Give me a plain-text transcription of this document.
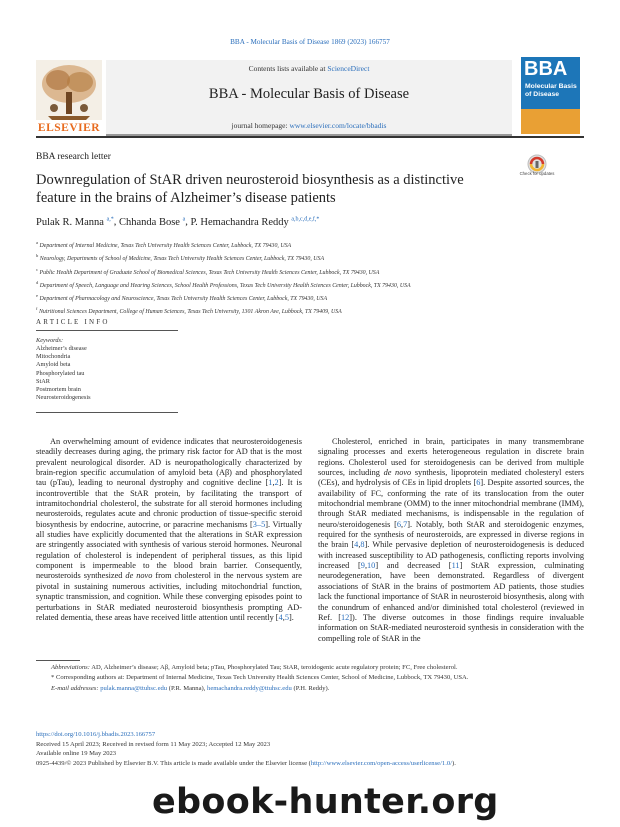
BBA - Molecular Basis of Disease 1869 (2023) 166757
ELSEVIER
Contents lists available at ScienceDirect
BBA - Molecular Basis of Disease
journal homepage: www.elsevier.com/locate/bbadis
BBA
Molecular Basis of Disease
BBA research letter
Downregulation of StAR driven neurosteroid biosynthesis as a distinctive feature in the brains of Alzheimer’s disease patients
Check for updates
Pulak R. Manna $^{a,*}$, Chhanda Bose $^a$, P. Hemachandra Reddy $^{a,b,c,d,e,f,*}$
$^a$ Department of Internal Medicine, Texas Tech University Health Sciences Center, Lubbock, TX 79430, USA
$^b$ Neurology, Departments of School of Medicine, Texas Tech University Health Sciences Center, Lubbock, TX 79430, USA
$^c$ Public Health Department of Graduate School of Biomedical Sciences, Texas Tech University Health Sciences Center, Lubbock, TX 79430, USA
$^d$ Department of Speech, Language and Hearing Sciences, School Health Professions, Texas Tech University Health Sciences Center, Lubbock, TX 79430, USA
$^e$ Department of Pharmacology and Neuroscience, Texas Tech University Health Sciences Center, Lubbock, TX 79430, USA
$^f$ Nutritional Sciences Department, College of Human Sciences, Texas Tech University, 1301 Akron Ave, Lubbock, TX 79409, USA
ARTICLE INFO
Keywords:
Alzheimer’s disease
Mitochondria
Amyloid beta
Phosphorylated tau
StAR
Postmortem brain
Neurosteroidogenesis
An overwhelming amount of evidence indicates that neurosteroidogenesis steadily decreases during aging, the primary risk factor for AD that is the most prevalent neurological disorder. AD is neuropathologically characterized by brain-region specific accumulation of amyloid beta (Aβ) and phosphorylated tau (pTau), leading to neuronal dystrophy and cognitive decline [1,2]. It is incontrovertible that the StAR protein, by facilitating the transport of intramitochondrial cholesterol, the substrate for all steroid hormones including neurosteroids, regulates acute and chronic production of tissue-specific steroid biosynthesis by endocrine, autocrine, or paracrine mechanisms [3–5]. Virtually all studies have explicitly documented that the alterations in StAR expression are stringently associated with synthesis of various steroid hormones. Neuronal regulation of cholesterol is independent of peripheral tissues, as this lipid component is impermeable to the blood brain barrier. Consequently, neurosteroids synthesized de novo from cholesterol in the nervous system are pivotal in sustaining numerous activities, including mitochondrial function, synaptic transmission, and cognition. While these converging episodes point to perturbations in StAR mediated neurosteroid biosynthesis prompting AD-related dementia, these areas have received little attention until recently [4,5].
Cholesterol, enriched in brain, participates in many transmembrane signaling processes and exerts heterogeneous regulation in discrete brain regions. Cholesterol used for steroidogenesis can be derived from multiple sources, including de novo synthesis, lipoprotein mediated cholesteryl esters (CEs), and hydrolysis of CEs in lipid droplets [6]. Despite assorted sources, the availability of FC, conforming the rate of its translocation from the outer mitochondrial membrane (OMM) to the inner mitochondrial membrane (IMM), through StAR mediated mechanisms, is indispensable in the regulation of neuro/steroidogenesis [6,7]. Notably, both StAR and steroidogenic enzymes, required for the synthesis of neurosteroids, are expressed in diverse regions in the brain [4,8]. While pervasive depletion of neurosteroidogenesis is deduced with increased susceptibility to AD pathogenesis, conflicting reports involving increased [9,10] and decreased [11] StAR expression, culminating neurodegeneration, have been demonstrated. Regardless of divergent associations of StAR in the brains of postmortem AD patients, those studies lack the functional importance of StAR in neurosteroid biosynthesis, along with the conundrum of enhanced and/or diminished total cholesterol (reviewed in Ref. [12]). The diverse outcomes in those findings require invaluable information on StAR-mediated neurosteroid synthesis in consideration with the compelling role of StAR in the
Abbreviations: AD, Alzheimer’s disease; Aβ, Amyloid beta; pTau, Phosphorylated Tau; StAR, teroidogenic acute regulatory protein; FC, Free cholesterol.
* Corresponding authors at: Department of Internal Medicine, Texas Tech University Health Sciences Center, School of Medicine, Lubbock, TX 79430, USA.
E-mail addresses: pulak.manna@ttuhsc.edu (P.R. Manna), hemachandra.reddy@ttuhsc.edu (P.H. Reddy).
https://doi.org/10.1016/j.bbadis.2023.166757
Received 15 April 2023; Received in revised form 11 May 2023; Accepted 12 May 2023
Available online 19 May 2023
0925-4439/© 2023 Published by Elsevier B.V. This article is made available under the Elsevier license (http://www.elsevier.com/open-access/userlicense/1.0/).
ebook-hunter.org
